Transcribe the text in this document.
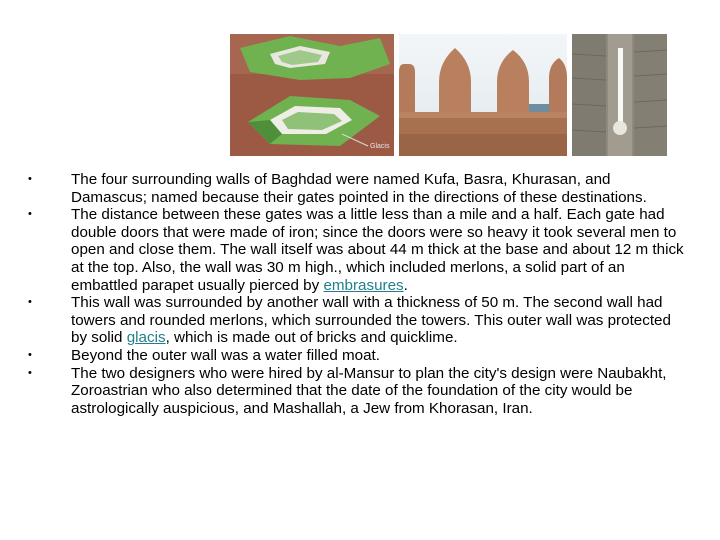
Glacis
• The four surrounding walls of Baghdad were named Kufa, Basra, Khurasan, and Damascus; named because their gates pointed in the directions of these destinations.
• The distance between these gates was a little less than a mile and a half. Each gate had double doors that were made of iron; since the doors were so heavy it took several men to open and close them. The wall itself was about 44 m thick at the base and about 12 m thick at the top. Also, the wall was 30 m high., which included merlons, a solid part of an embattled parapet usually pierced by embrasures.
• This wall was surrounded by another wall with a thickness of 50 m. The second wall had towers and rounded merlons, which surrounded the towers. This outer wall was protected by solid glacis, which is made out of bricks and quicklime.
• Beyond the outer wall was a water filled moat.
• The two designers who were hired by al-Mansur to plan the city's design were Naubakht, Zoroastrian who also determined that the date of the foundation of the city would be astrologically auspicious, and Mashallah, a Jew from Khorasan, Iran.
